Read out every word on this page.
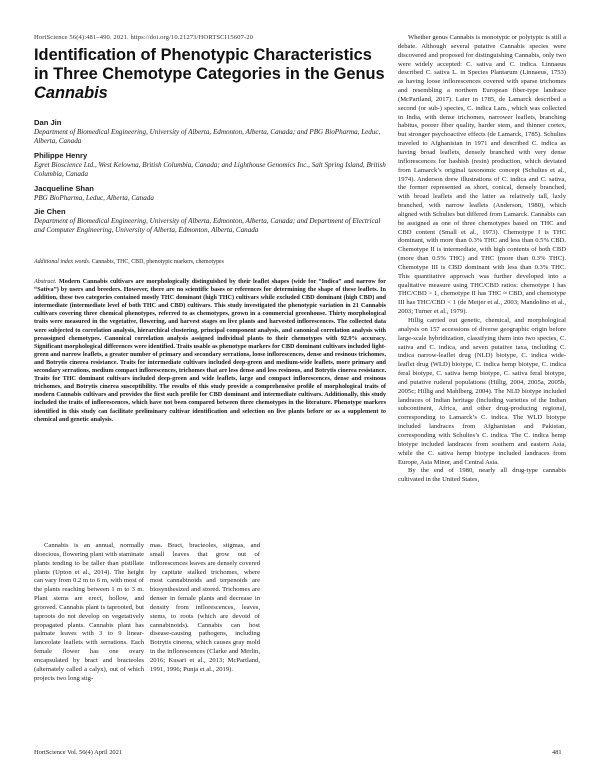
HortScience 56(4):481–490. 2021. https://doi.org/10.21273/HORTSCI15607-20
Identification of Phenotypic Characteristics in Three Chemotype Categories in the Genus Cannabis
Dan Jin
Department of Biomedical Engineering, University of Alberta, Edmonton, Alberta, Canada; and PBG BioPharma, Leduc, Alberta, Canada
Philippe Henry
Egret Bioscience Ltd., West Kelowna, British Columbia, Canada; and Lighthouse Genomics Inc., Salt Spring Island, British Columbia, Canada
Jacqueline Shan
PBG BioPharma, Leduc, Alberta, Canada
Jie Chen
Department of Biomedical Engineering, University of Alberta, Edmonton, Alberta, Canada; and Department of Electrical and Computer Engineering, University of Alberta, Edmonton, Alberta, Canada
Additional index words. Cannabis, THC, CBD, phenotypic markers, chemotypes
Abstract. Modern Cannabis cultivars are morphologically distinguished by their leaflet shapes (wide for “Indica” and narrow for “Sativa”) by users and breeders. However, there are no scientific bases or references for determining the shape of these leaflets. In addition, these two categories contained mostly THC dominant (high THC) cultivars while excluded CBD dominant (high CBD) and intermediate (intermediate level of both THC and CBD) cultivars. This study investigated the phenotypic variation in 21 Cannabis cultivars covering three chemical phenotypes, referred to as chemotypes, grown in a commercial greenhouse. Thirty morphological traits were measured in the vegetative, flowering, and harvest stages on live plants and harvested inflorescences. The collected data were subjected to correlation analysis, hierarchical clustering, principal component analysis, and canonical correlation analysis with preassigned chemotypes. Canonical correlation analysis assigned individual plants to their chemotypes with 92.9% accuracy. Significant morphological differences were identified. Traits usable as phenotype markers for CBD dominant cultivars included light-green and narrow leaflets, a greater number of primary and secondary serrations, loose inflorescences, dense and resinous trichomes, and Botrytis cinerea resistance. Traits for intermediate cultivars included deep-green and medium-wide leaflets, more primary and secondary serrations, medium compact inflorescences, trichomes that are less dense and less resinous, and Botrytis cinerea resistance. Traits for THC dominant cultivars included deep-green and wide leaflets, large and compact inflorescences, dense and resinous trichomes, and Botrytis cinerea susceptibility. The results of this study provide a comprehensive profile of morphological traits of modern Cannabis cultivars and provides the first such profile for CBD dominant and intermediate cultivars. Additionally, this study included the traits of inflorescences, which have not been compared between three chemotypes in the literature. Phenotype markers identified in this study can facilitate preliminary cultivar identification and selection on live plants before or as a supplement to chemical and genetic analysis.

Cannabis is an annual, normally dioecious, flowering plant with staminate plants tending to be taller than pistillate plants (Upton et al., 2014). The height can vary from 0.2 m to 6 m, with most of the plants reaching between 1 m to 3 m. Plant stems are erect, hollow, and grooved. Cannabis plant is taprooted, but taproots do not develop on vegetatively propagated plants. Cannabis plant has palmate leaves with 3 to 9 linear-lanceolate leaflets with serrations. Each female flower has one ovary encapsulated by bract and bracteoles (alternately called a calyx), out of which projects two long stig-

mas. Bract, bracteoles, stigmas, and small leaves that grow out of inflorescences leaves are densely covered by capitate stalked trichomes, where most cannabinoids and terpenoids are biosynthesized and stored. Trichomes are denser in female plants and decrease in density from inflorescences, leaves, stems, to roots (which are devoid of cannabinoids). Cannabis can host disease-causing pathogens, including Botrytis cinerea, which causes gray mold in the inflorescences (Clarke and Merlin, 2016; Kusari et al., 2013; McPartland, 1991, 1996; Punja et al., 2019).

Whether genus Cannabis is monotypic or polytypic is still a debate. Although several putative Cannabis species were discovered and proposed for distinguishing Cannabis, only two were widely accepted: C. sativa and C. indica. Linnaeus described C. sativa L. in Species Plantarum (Linnaeus, 1753) as having loose inflorescences covered with sparse trichomes and resembling a northern European fiber-type landrace (McPartland, 2017). Later in 1785, de Lamarck described a second (or sub-) species, C. indica Lam., which was collected in India, with dense trichomes, narrower leaflets, branching habitus, poorer fiber quality, harder stem, and thinner cortex, but stronger psychoactive effects (de Lamarck, 1785). Schultes traveled to Afghanistan in 1971 and described C. indica as having broad leaflets, densely branched with very dense inflorescences for hashish (resin) production, which deviated from Lamarck’s original taxonomic concept (Schultes et al., 1974). Anderson drew illustrations of C. indica and C. sativa, the former represented as short, conical, densely branched, with broad leaflets and the latter as relatively tall, laxly branched, with narrow leaflets (Anderson, 1980), which aligned with Schultes but differed from Lamarck. Cannabis can be assigned as one of three chemotypes based on THC and CBD content (Small et al., 1973). Chemotype I is THC dominant, with more than 0.3% THC and less than 0.5% CBD. Chemotype II is intermediate, with high contents of both CBD (more than 0.5% THC) and THC (more than 0.3% THC). Chemotype III is CBD dominant with less than 0.3% THC. This quantitative approach was further developed into a qualitative measure using THC/CBD ratios: chemotype I has THC/CBD > 1, chemotype II has THC ≈ CBD, and chemotype III has THC/CBD < 1 (de Meijer et al., 2003; Mandolino et al., 2003; Turner et al., 1979).

Hillig carried out genetic, chemical, and morphological analysis on 157 accessions of diverse geographic origin before large-scale hybridization, classifying them into two species, C. sativa and C. indica, and seven putative taxa, including C. indica narrow-leaflet drug (NLD) biotype, C. indica wide-leaflet drug (WLD) biotype, C. indica hemp biotype, C. indica feral biotype, C. sativa hemp biotype, C. sativa feral biotype, and putative ruderal populations (Hillig, 2004, 2005a, 2005b, 2005c; Hillig and Mahlberg, 2004). The NLD biotype included landraces of Indian heritage (including varieties of the Indian subcontinent, Africa, and other drug-producing regions), corresponding to Lamarck’s C. indica. The WLD biotype included landraces from Afghanistan and Pakistan, corresponding with Schultes’s C. indica. The C. indica hemp biotype included landraces from southern and eastern Asia, while the C. sativa hemp biotype included landraces from Europe, Asia Minor, and Central Asia.

By the end of 1980, nearly all drug-type cannabis cultivated in the United States,

HortScience Vol. 56(4) April 2021	481
